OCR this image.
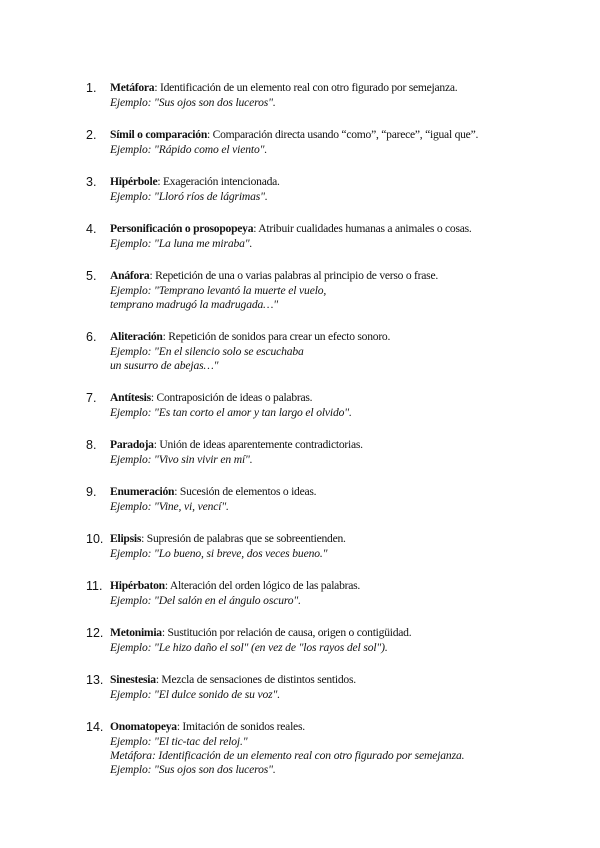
1.	Metáfora: Identificación de un elemento real con otro figurado por semejanza.
Ejemplo: "Sus ojos son dos luceros".
2.	Símil o comparación: Comparación directa usando “como”, “parece”, “igual que”.
Ejemplo: "Rápido como el viento".
3.	Hipérbole: Exageración intencionada.
Ejemplo: "Lloró ríos de lágrimas".
4.	Personificación o prosopopeya: Atribuir cualidades humanas a animales o cosas.
Ejemplo: "La luna me miraba".
5.	Anáfora: Repetición de una o varias palabras al principio de verso o frase.
Ejemplo: "Temprano levantó la muerte el vuelo,
temprano madrugó la madrugada…"
6.	Aliteración: Repetición de sonidos para crear un efecto sonoro.
Ejemplo: "En el silencio solo se escuchaba
un susurro de abejas…"
7.	Antítesis: Contraposición de ideas o palabras.
Ejemplo: "Es tan corto el amor y tan largo el olvido".
8.	Paradoja: Unión de ideas aparentemente contradictorias.
Ejemplo: "Vivo sin vivir en mí".
9.	Enumeración: Sucesión de elementos o ideas.
Ejemplo: "Vine, vi, vencí".
10. Elipsis: Supresión de palabras que se sobreentienden.
Ejemplo: "Lo bueno, si breve, dos veces bueno."
11. Hipérbaton: Alteración del orden lógico de las palabras.
Ejemplo: "Del salón en el ángulo oscuro".
12. Metonimia: Sustitución por relación de causa, origen o contigüidad.
Ejemplo: "Le hizo daño el sol" (en vez de "los rayos del sol").
13. Sinestesia: Mezcla de sensaciones de distintos sentidos.
Ejemplo: "El dulce sonido de su voz".
14. Onomatopeya: Imitación de sonidos reales.
Ejemplo: "El tic-tac del reloj."
Metáfora: Identificación de un elemento real con otro figurado por semejanza.
Ejemplo: "Sus ojos son dos luceros".
